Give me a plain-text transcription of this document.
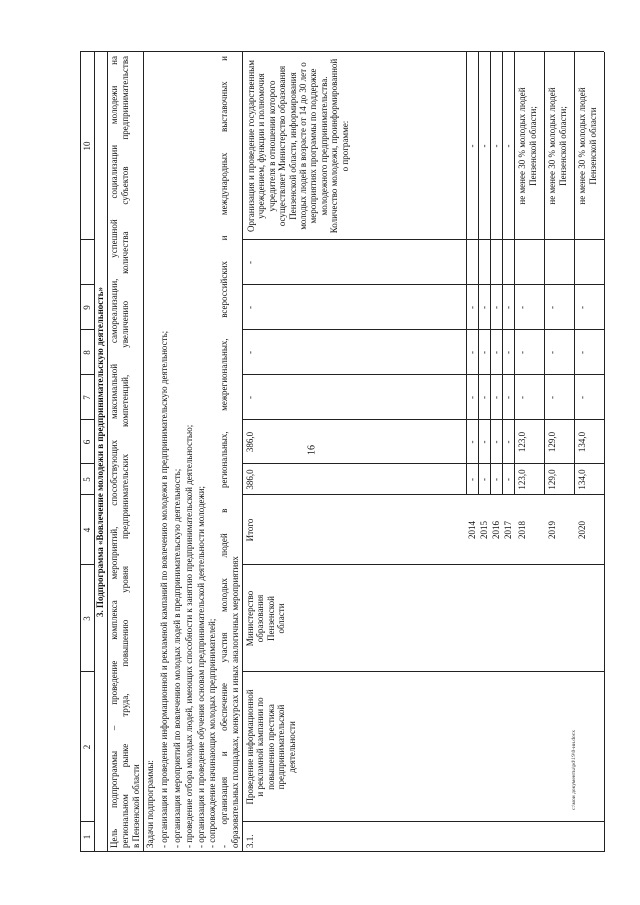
16
c:\мои документы\pd\19\0-ии.docx
1
2
3
4
5
6
7
8
9
10
3. Подпрограмма «Вовлечение молодежи в предпринимательскую деятельность» Цель подпрограммы – проведение комплекса мероприятий, способствующих максимальной самореализации, успешной социализации молодежи на региональном рынке труда, повышению уровня предпринимательских компетенций, увеличению количества субъектов предпринимательства в Пензенской области Задачи подпрограммы: - организация и проведение информационной и рекламной кампаний по вовлечению молодежи в предпринимательскую деятельность; - организация мероприятий по вовлечению молодых людей в предпринимательскую деятельность; - проведение отбора молодых людей, имеющих способности к занятию предпринимательской деятельностью; - организация и проведение обучения основам предпринимательской деятельности молодежи; - сопровождение начинающих молодых предпринимателей; - организация и обеспечение участия молодых людей в региональных, межрегиональных, всероссийских и международных выставочных и образовательных площадках, конкурсах и иных аналогичных мероприятиях 3.1.
Проведение информационной и рекламной кампании по повышению престижа предпринимательской деятельности
Министерство образования Пензенской области
Итого
386,0
386,0
-
-
-
-
Организация и проведение государственным учреждением, функции и полномочия учредителя в отношении которого осуществляет Министерство образования Пензенской области, информирования молодых людей в возрасте от 14 до 30 лет о мероприятиях программы по поддержке молодежного предпринимательства. Количество молодежи, проинформированной о программе:
2014 2015 2016 2017 2018 2019 2020
-
-
-
-
-
-
-
-
-
-
-
-
-
-
-
-
-
-
-
-
-
-
-
-
123,0
123,0
-
-
-
не менее 30 % молодых людей Пензенской области;
129,0
129,0
-
-
-
не менее 30 % молодых людей Пензенской области;
134,0
134,0
-
-
-
не менее 30 % молодых людей Пензенской области
